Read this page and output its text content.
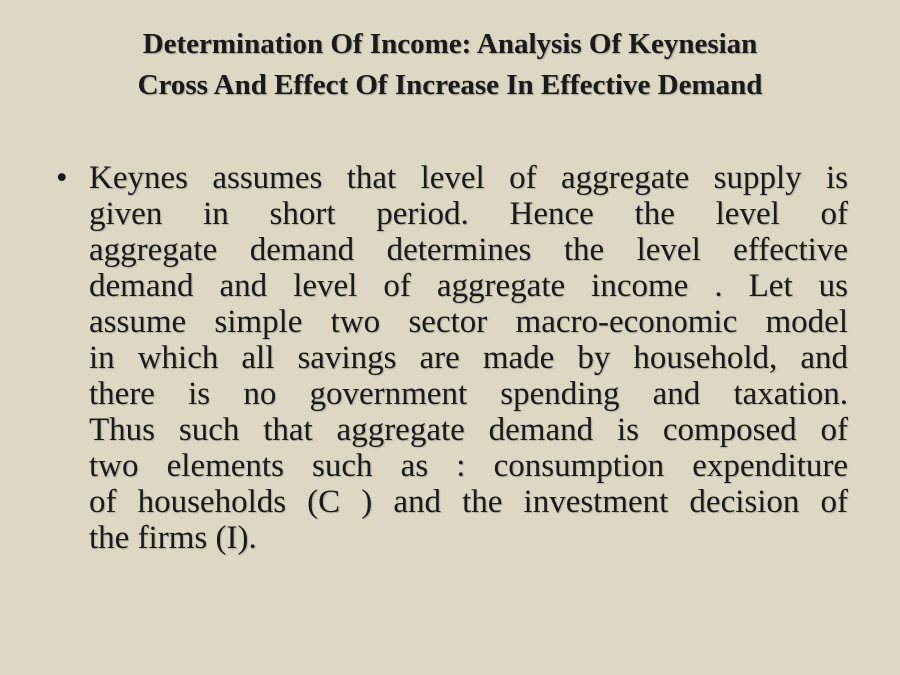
Determination Of Income: Analysis Of Keynesian
Cross And Effect Of Increase In Effective Demand
• Keynes assumes that level of aggregate supply is
given in short period. Hence the level of
aggregate demand determines the level effective
demand and level of aggregate income . Let us
assume simple two sector macro-economic model
in which all savings are made by household, and
there is no government spending and taxation.
Thus such that aggregate demand is composed of
two elements such as : consumption expenditure
of households (C ) and the investment decision of
the firms (I).
